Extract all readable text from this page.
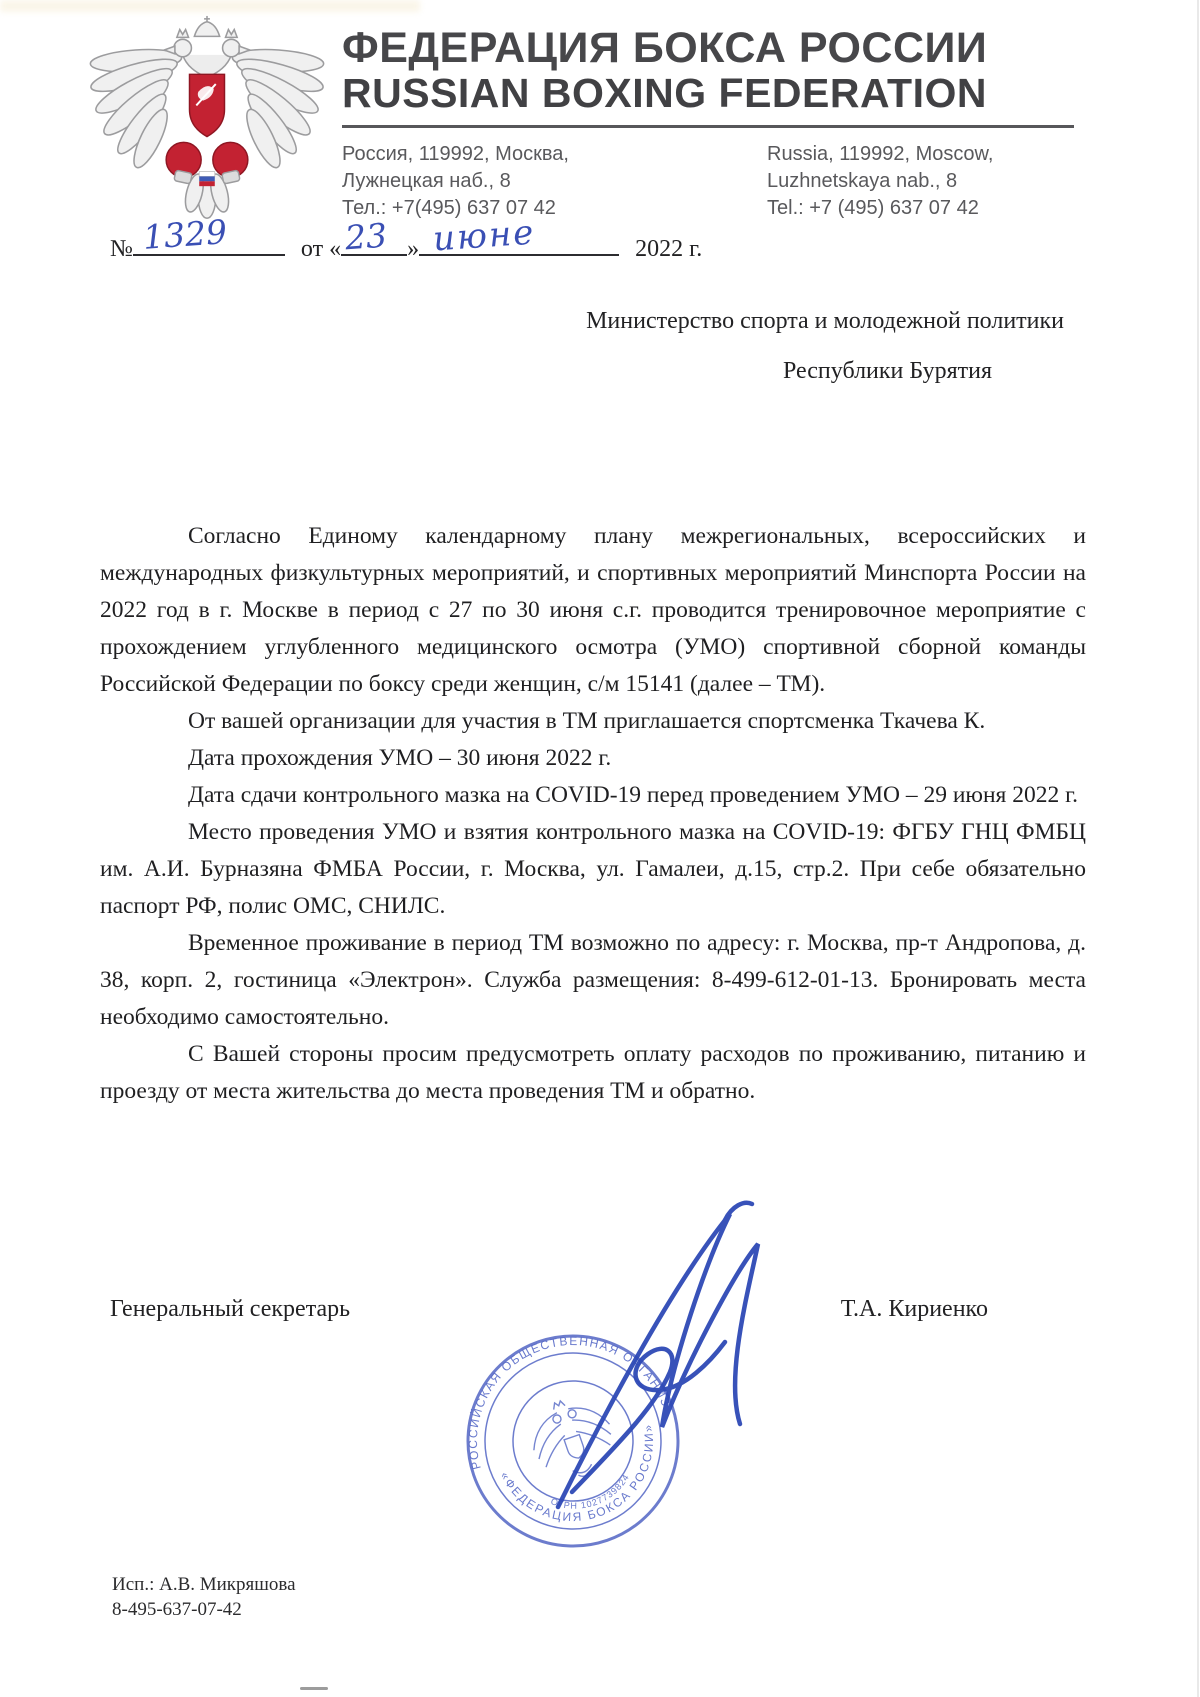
ФЕДЕРАЦИЯ БОКСА РОССИИ
RUSSIAN BOXING FEDERATION
Россия, 119992, Москва,
Лужнецкая наб., 8
Тел.: +7(495) 637 07 42
Russia, 119992, Moscow,
Luzhnetskaya nab., 8
Tel.: +7 (495) 637 07 42
№ 1329	от « 23 » июне	2022 г.
Министерство спорта и молодежной политики
Республики Бурятия

Согласно Единому календарному плану межрегиональных, всероссийских и международных физкультурных мероприятий, и спортивных мероприятий Минспорта России на 2022 год в г. Москве в период с 27 по 30 июня с.г. проводится тренировочное мероприятие с прохождением углубленного медицинского осмотра (УМО) спортивной сборной команды Российской Федерации по боксу среди женщин, с/м 15141 (далее – ТМ).

От вашей организации для участия в ТМ приглашается спортсменка Ткачева К.

Дата прохождения УМО – 30 июня 2022 г.

Дата сдачи контрольного мазка на COVID-19 перед проведением УМО – 29 июня 2022 г.

Место проведения УМО и взятия контрольного мазка на COVID-19: ФГБУ ГНЦ ФМБЦ им. А.И. Бурназяна ФМБА России, г. Москва, ул. Гамалеи, д.15, стр.2. При себе обязательно паспорт РФ, полис ОМС, СНИЛС.

Временное проживание в период ТМ возможно по адресу: г. Москва, пр-т Андропова, д. 38, корп. 2, гостиница «Электрон». Служба размещения: 8-499-612-01-13. Бронировать места необходимо самостоятельно.

С Вашей стороны просим предусмотреть оплату расходов по проживанию, питанию и проезду от места жительства до места проведения ТМ и обратно.

Генеральный секретарь	Т.А. Кириенко
ОБЩЕРОССИЙСКАЯ ОБЩЕСТВЕННАЯ ОРГАНИЗАЦИЯ
«ФЕДЕРАЦИЯ БОКСА РОССИИ»
ОГРН 1027739824
Исп.: А.В. Микряшова
8-495-637-07-42
